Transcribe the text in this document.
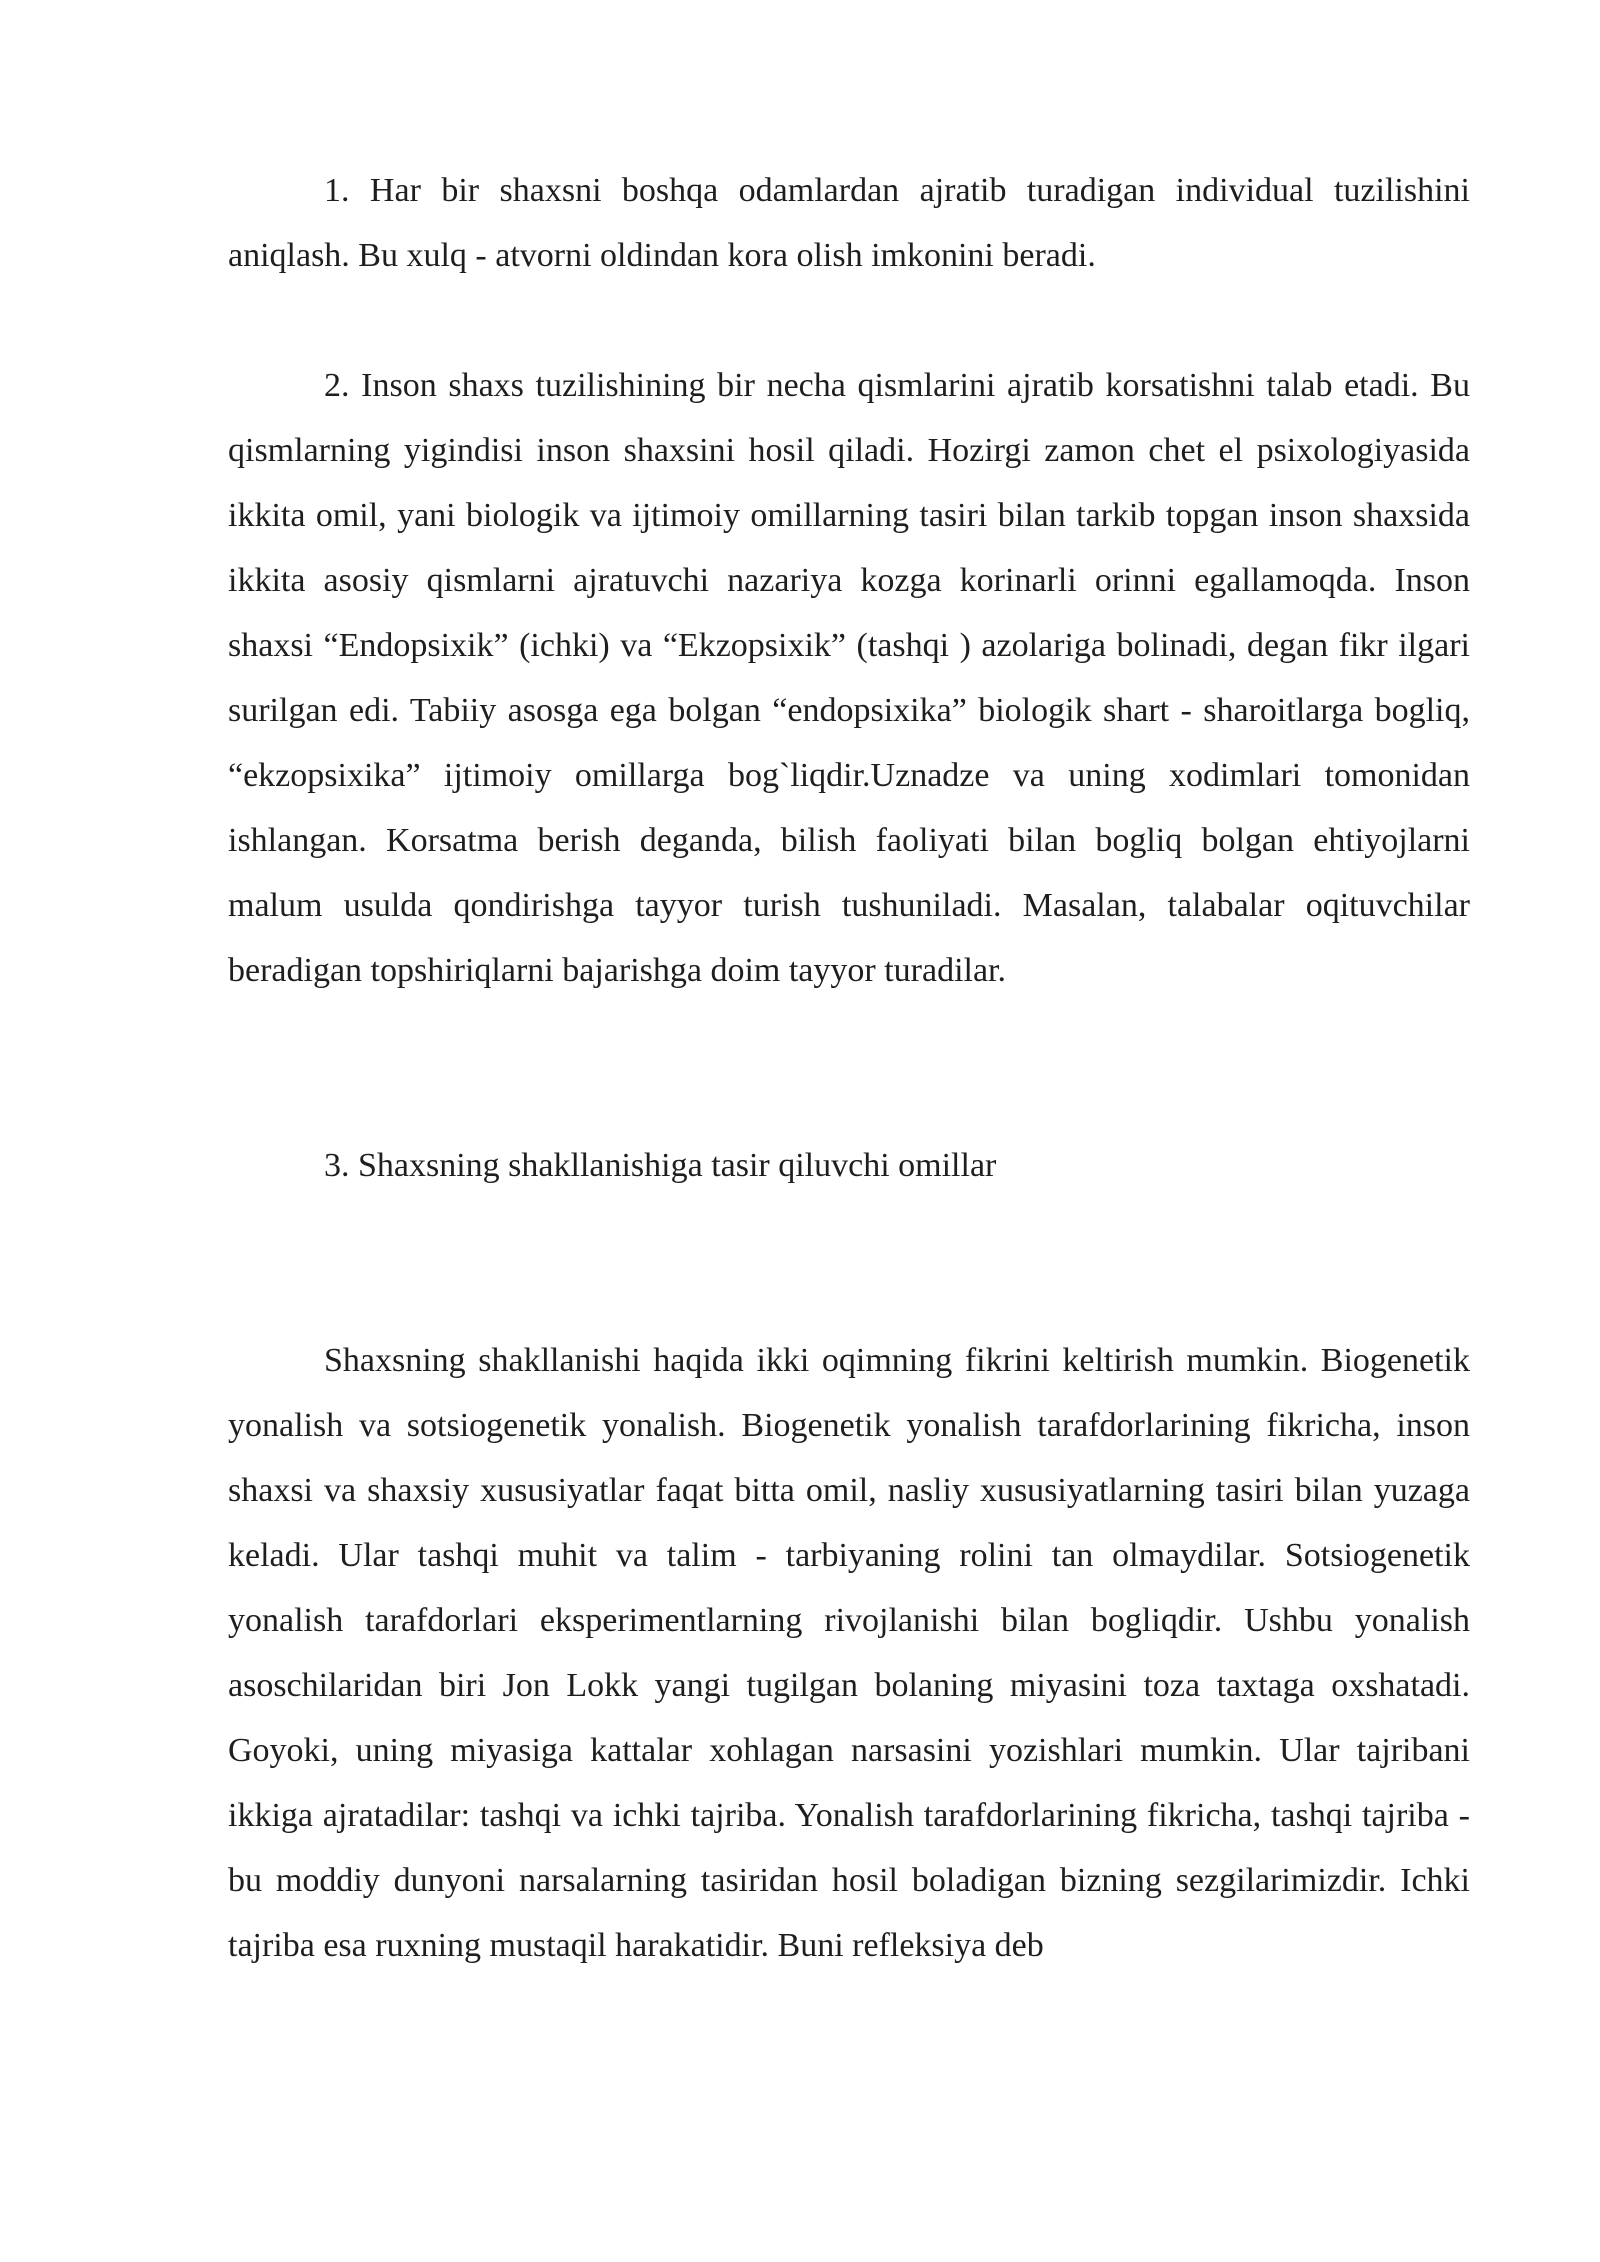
1. Har bir shaxsni boshqa odamlardan ajratib turadigan individual tuzilishini aniqlash. Bu xulq - atvorni oldindan kora olish imkonini beradi.

2. Inson shaxs tuzilishining bir necha qismlarini ajratib korsatishni talab etadi. Bu qismlarning yigindisi inson shaxsini hosil qiladi. Hozirgi zamon chet el psixologiyasida ikkita omil, yani biologik va ijtimoiy omillarning tasiri bilan tarkib topgan inson shaxsida ikkita asosiy qismlarni ajratuvchi nazariya kozga korinarli orinni egallamoqda. Inson shaxsi “Endopsixik” (ichki) va “Ekzopsixik” (tashqi ) azolariga bolinadi, degan fikr ilgari surilgan edi. Tabiiy asosga ega bolgan “endopsixika” biologik shart - sharoitlarga bogliq, “ekzopsixika” ijtimoiy omillarga bog`liqdir.Uznadze va uning xodimlari tomonidan ishlangan. Korsatma berish deganda, bilish faoliyati bilan bogliq bolgan ehtiyojlarni malum usulda qondirishga tayyor turish tushuniladi. Masalan, talabalar oqituvchilar beradigan topshiriqlarni bajarishga doim tayyor turadilar.

3. Shaxsning shakllanishiga tasir qiluvchi omillar

Shaxsning shakllanishi haqida ikki oqimning fikrini keltirish mumkin. Biogenetik yonalish va sotsiogenetik yonalish. Biogenetik yonalish tarafdorlarining fikricha, inson shaxsi va shaxsiy xususiyatlar faqat bitta omil, nasliy xususiyatlarning tasiri bilan yuzaga keladi. Ular tashqi muhit va talim - tarbiyaning rolini tan olmaydilar. Sotsiogenetik yonalish tarafdorlari eksperimentlarning rivojlanishi bilan bogliqdir. Ushbu yonalish asoschilaridan biri Jon Lokk yangi tugilgan bolaning miyasini toza taxtaga oxshatadi. Goyoki, uning miyasiga kattalar xohlagan narsasini yozishlari mumkin. Ular tajribani ikkiga ajratadilar: tashqi va ichki tajriba. Yonalish tarafdorlarining fikricha, tashqi tajriba - bu moddiy dunyoni narsalarning tasiridan hosil boladigan bizning sezgilarimizdir. Ichki tajriba esa ruxning mustaqil harakatidir. Buni refleksiya deb
